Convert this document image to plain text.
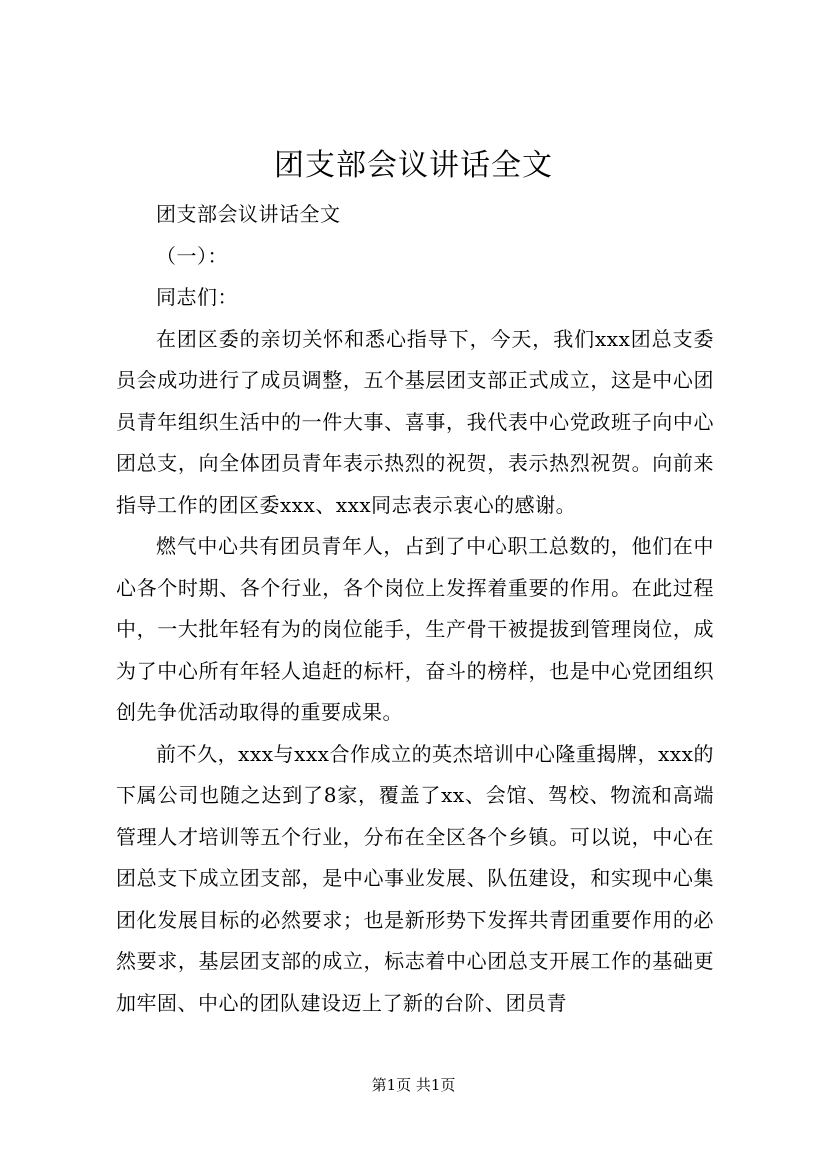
团支部会议讲话全文

团支部会议讲话全文

（一）：

同志们：

在团区委的亲切关怀和悉心指导下，今天，我们xxx团总支委员会成功进行了成员调整，五个基层团支部正式成立，这是中心团员青年组织生活中的一件大事、喜事，我代表中心党政班子向中心团总支，向全体团员青年表示热烈的祝贺，表示热烈祝贺。向前来指导工作的团区委xxx、xxx同志表示衷心的感谢。

燃气中心共有团员青年人，占到了中心职工总数的，他们在中心各个时期、各个行业，各个岗位上发挥着重要的作用。在此过程中，一大批年轻有为的岗位能手，生产骨干被提拔到管理岗位，成为了中心所有年轻人追赶的标杆，奋斗的榜样，也是中心党团组织创先争优活动取得的重要成果。

前不久，xxx与xxx合作成立的英杰培训中心隆重揭牌，xxx的下属公司也随之达到了8家，覆盖了xx、会馆、驾校、物流和高端管理人才培训等五个行业，分布在全区各个乡镇。可以说，中心在团总支下成立团支部，是中心事业发展、队伍建设，和实现中心集团化发展目标的必然要求；也是新形势下发挥共青团重要作用的必然要求，基层团支部的成立，标志着中心团总支开展工作的基础更加牢固、中心的团队建设迈上了新的台阶、团员青

第1页 共1页
